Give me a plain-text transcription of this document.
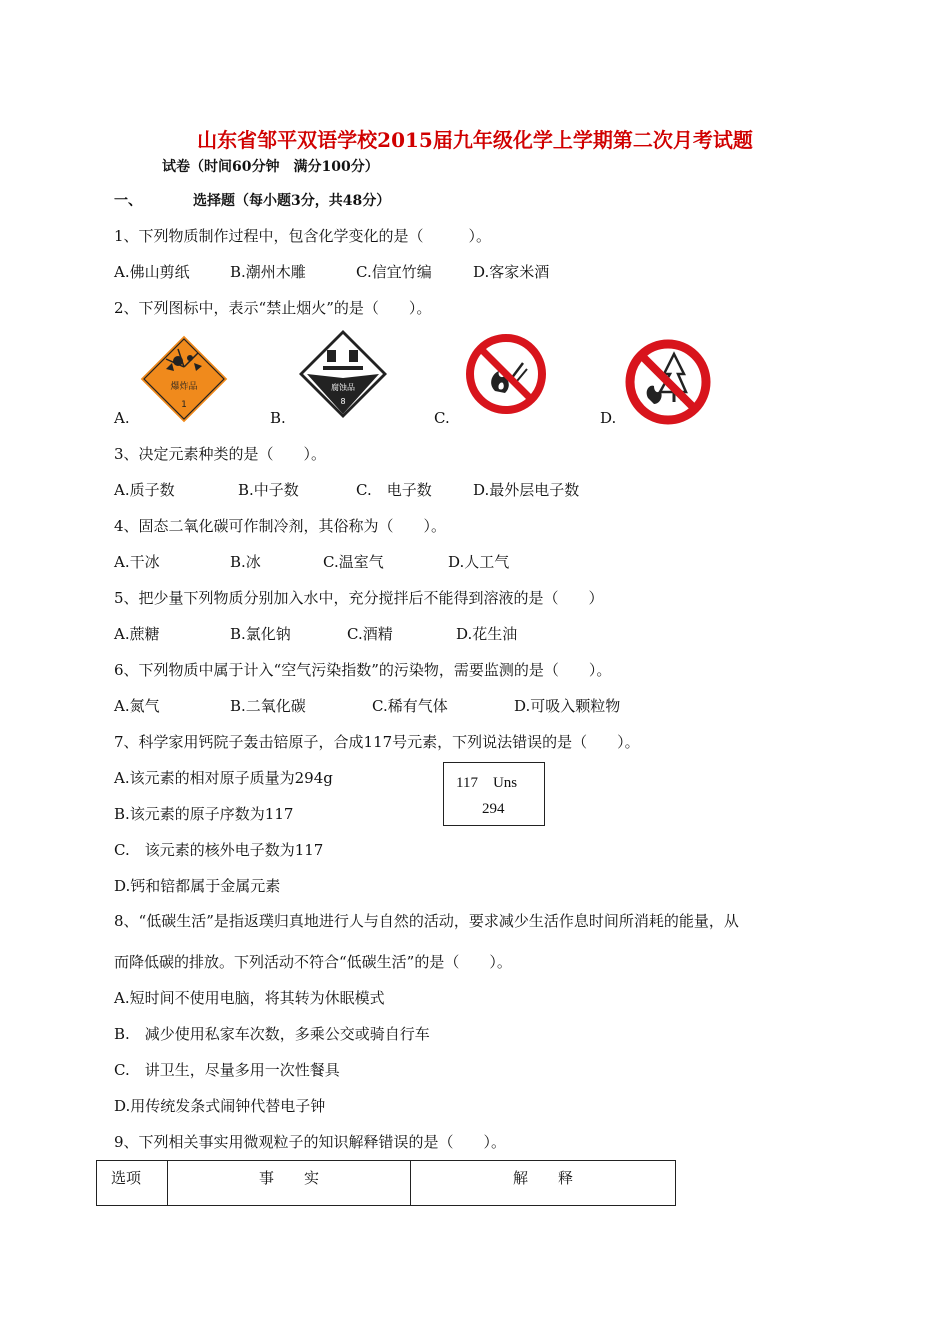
山东省邹平双语学校2015届九年级化学上学期第二次月考试题
试卷（时间60分钟　满分100分）
一、	选择题（每小题3分，共48分）
1、下列物质制作过程中，包含化学变化的是（　　　）。
A.佛山剪纸	B.潮州木雕	C.信宜竹编	D.客家米酒
2、下列图标中，表示“禁止烟火”的是（　　）。
爆炸品
1
腐蚀品
8
A.	B.	C.	D.
3、决定元素种类的是（　　）。
A.质子数	B.中子数	C.　电子数	D.最外层电子数
4、固态二氧化碳可作制冷剂，其俗称为（　　）。
A.干冰	B.冰	C.温室气	D.人工气
5、把少量下列物质分别加入水中，充分搅拌后不能得到溶液的是（　　）
A.蔗糖	B.氯化钠	C.酒精	D.花生油
6、下列物质中属于计入“空气污染指数”的污染物，需要监测的是（　　）。
A.氮气	B.二氧化碳	C.稀有气体	D.可吸入颗粒物
7、科学家用钙院子轰击锫原子，合成117号元素，下列说法错误的是（　　）。
A.该元素的相对原子质量为294g
B.该元素的原子序数为117
C.　该元素的核外电子数为117
D.钙和锫都属于金属元素
117　Uns
294
8、“低碳生活”是指返璞归真地进行人与自然的活动，要求减少生活作息时间所消耗的能量，从
而降低碳的排放。下列活动不符合“低碳生活”的是（　　）。
A.短时间不使用电脑，将其转为休眠模式
B.　减少使用私家车次数，多乘公交或骑自行车
C.　讲卫生，尽量多用一次性餐具
D.用传统发条式闹钟代替电子钟
9、下列相关事实用微观粒子的知识解释错误的是（　　）。
选项	事　　实	解　　释
